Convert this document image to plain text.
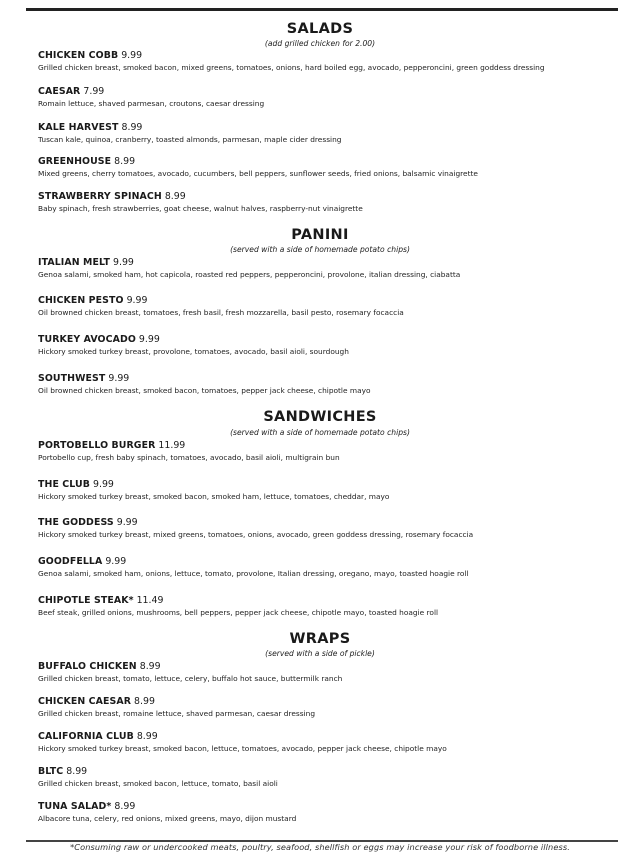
SALADS
(add grilled chicken for 2.00)
CHICKEN COBB 9.99
Grilled chicken breast, smoked bacon, mixed greens, tomatoes, onions, hard boiled egg, avocado, pepperoncini, green goddess dressing
CAESAR 7.99
Romain lettuce, shaved parmesan, croutons, caesar dressing
KALE HARVEST 8.99
Tuscan kale, quinoa, cranberry, toasted almonds, parmesan, maple cider dressing
GREENHOUSE 8.99
Mixed greens, cherry tomatoes, avocado, cucumbers, bell peppers, sunflower seeds, fried onions, balsamic vinaigrette
STRAWBERRY SPINACH 8.99
Baby spinach, fresh strawberries, goat cheese, walnut halves, raspberry-nut vinaigrette
PANINI
(served with a side of homemade potato chips)
ITALIAN MELT 9.99
Genoa salami, smoked ham, hot capicola, roasted red peppers, pepperoncini, provolone, italian dressing, ciabatta
CHICKEN PESTO 9.99
Oil browned chicken breast, tomatoes, fresh basil, fresh mozzarella, basil pesto, rosemary focaccia
TURKEY AVOCADO 9.99
Hickory smoked turkey breast, provolone, tomatoes, avocado, basil aioli, sourdough
SOUTHWEST 9.99
Oil browned chicken breast, smoked bacon, tomatoes, pepper jack cheese, chipotle mayo
SANDWICHES
(served with a side of homemade potato chips)
PORTOBELLO BURGER 11.99
Portobello cup, fresh baby spinach, tomatoes, avocado, basil aioli, multigrain bun
THE CLUB 9.99
Hickory smoked turkey breast, smoked bacon, smoked ham, lettuce, tomatoes, cheddar, mayo
THE GODDESS 9.99
Hickory smoked turkey breast, mixed greens, tomatoes, onions, avocado, green goddess dressing, rosemary focaccia
GOODFELLA 9.99
Genoa salami, smoked ham, onions, lettuce, tomato, provolone, Italian dressing, oregano, mayo, toasted hoagie roll
CHIPOTLE STEAK* 11.49
Beef steak, grilled onions, mushrooms, bell peppers, pepper jack cheese, chipotle mayo, toasted hoagie roll
WRAPS
(served with a side of pickle)
BUFFALO CHICKEN 8.99
Grilled chicken breast, tomato, lettuce, celery, buffalo hot sauce, buttermilk ranch
CHICKEN CAESAR 8.99
Grilled chicken breast, romaine lettuce, shaved parmesan, caesar dressing
CALIFORNIA CLUB 8.99
Hickory smoked turkey breast, smoked bacon, lettuce, tomatoes, avocado, pepper jack cheese, chipotle mayo
BLTC 8.99
Grilled chicken breast, smoked bacon, lettuce, tomato, basil aioli
TUNA SALAD* 8.99
Albacore tuna, celery, red onions, mixed greens, mayo, dijon mustard
*Consuming raw or undercooked meats, poultry, seafood, shellfish or eggs may increase your risk of foodborne illness.
